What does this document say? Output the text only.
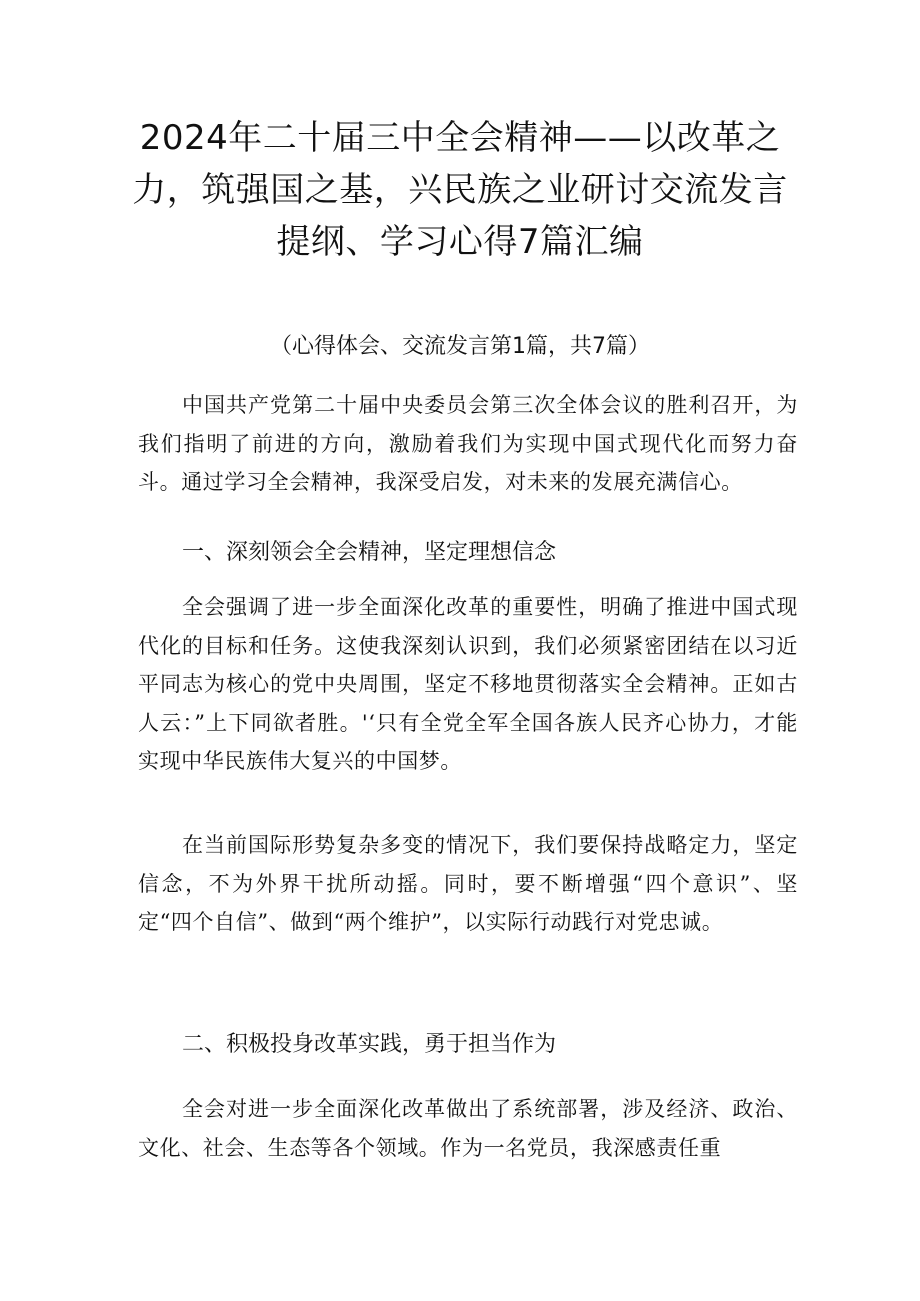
2024年二十届三中全会精神——以改革之力，筑强国之基，兴民族之业研讨交流发言提纲、学习心得7篇汇编

（心得体会、交流发言第1篇，共7篇）

中国共产党第二十届中央委员会第三次全体会议的胜利召开，为我们指明了前进的方向，激励着我们为实现中国式现代化而努力奋斗。通过学习全会精神，我深受启发，对未来的发展充满信心。

一、深刻领会全会精神，坚定理想信念

全会强调了进一步全面深化改革的重要性，明确了推进中国式现代化的目标和任务。这使我深刻认识到，我们必须紧密团结在以习近平同志为核心的党中央周围，坚定不移地贯彻落实全会精神。正如古人云：”上下同欲者胜。'‘只有全党全军全国各族人民齐心协力，才能实现中华民族伟大复兴的中国梦。

在当前国际形势复杂多变的情况下，我们要保持战略定力，坚定信念，不为外界干扰所动摇。同时，要不断增强“四个意识”、坚定“四个自信”、做到“两个维护”，以实际行动践行对党忠诚。

二、积极投身改革实践，勇于担当作为

全会对进一步全面深化改革做出了系统部署，涉及经济、政治、文化、社会、生态等各个领域。作为一名党员，我深感责任重
